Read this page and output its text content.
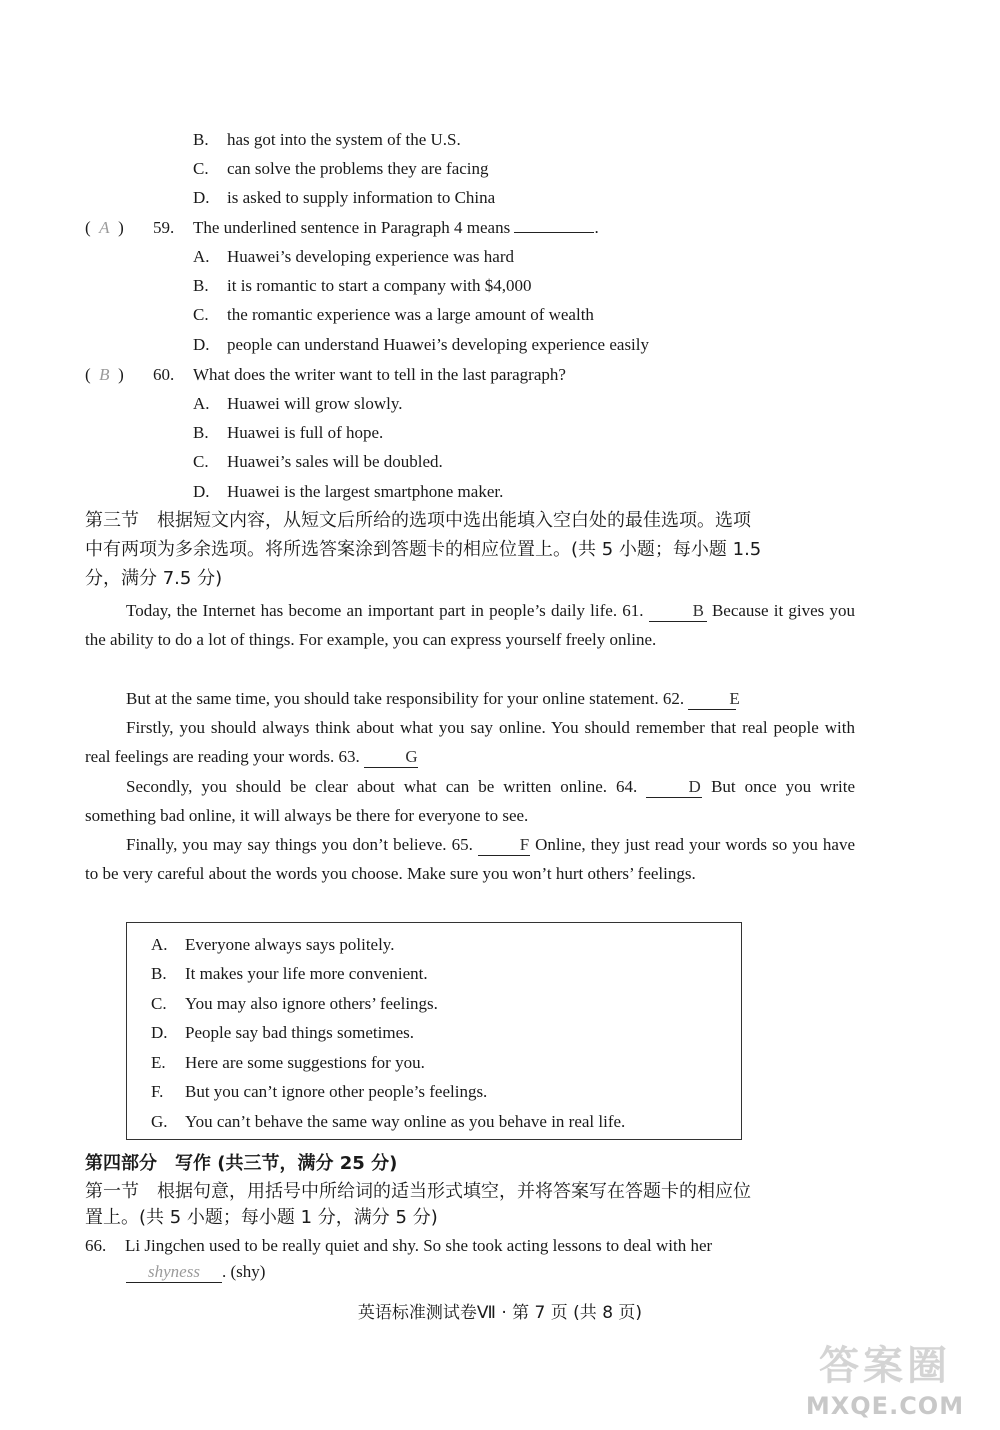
B. has got into the system of the U.S.
C. can solve the problems they are facing
D. is asked to supply information to China
(  A  ) 59. The underlined sentence in Paragraph 4 means	.
A. Huawei’s developing experience was hard
B. it is romantic to start a company with $4,000
C. the romantic experience was a large amount of wealth
D. people can understand Huawei’s developing experience easily
(  B  ) 60. What does the writer want to tell in the last paragraph?
A. Huawei will grow slowly.
B. Huawei is full of hope.
C. Huawei’s sales will be doubled.
D. Huawei is the largest smartphone maker.
第三节　根据短文内容，从短文后所给的选项中选出能填入空白处的最佳选项。选项
中有两项为多余选项。将所选答案涂到答题卡的相应位置上。(共 5 小题；每小题 1.5
分，满分 7.5 分)
Today, the Internet has become an important part in people’s daily life. 61.	B Because it gives you the ability to do a lot of things. For example, you can express yourself freely online.
But at the same time, you should take responsibility for your online statement. 62.	E
Firstly, you should always think about what you say online. You should remember that real people with real feelings are reading your words. 63.	G
Secondly, you should be clear about what can be written online. 64.	D But once you write something bad online, it will always be there for everyone to see.
Finally, you may say things you don’t believe. 65.	F Online, they just read your words so you have to be very careful about the words you choose. Make sure you won’t hurt others’ feelings.
A. Everyone always says politely.
B. It makes your life more convenient.
C. You may also ignore others’ feelings.
D. People say bad things sometimes.
E. Here are some suggestions for you.
F. But you can’t ignore other people’s feelings.
G. You can’t behave the same way online as you behave in real life.
第四部分　写作 (共三节，满分 25 分)
第一节　根据句意，用括号中所给词的适当形式填空，并将答案写在答题卡的相应位
置上。(共 5 小题；每小题 1 分，满分 5 分)
66. Li Jingchen used to be really quiet and shy. So she took acting lessons to deal with her
shyness . (shy)
英语标准测试卷Ⅶ · 第 7 页 (共 8 页)
答案圈
MXQE.COM
